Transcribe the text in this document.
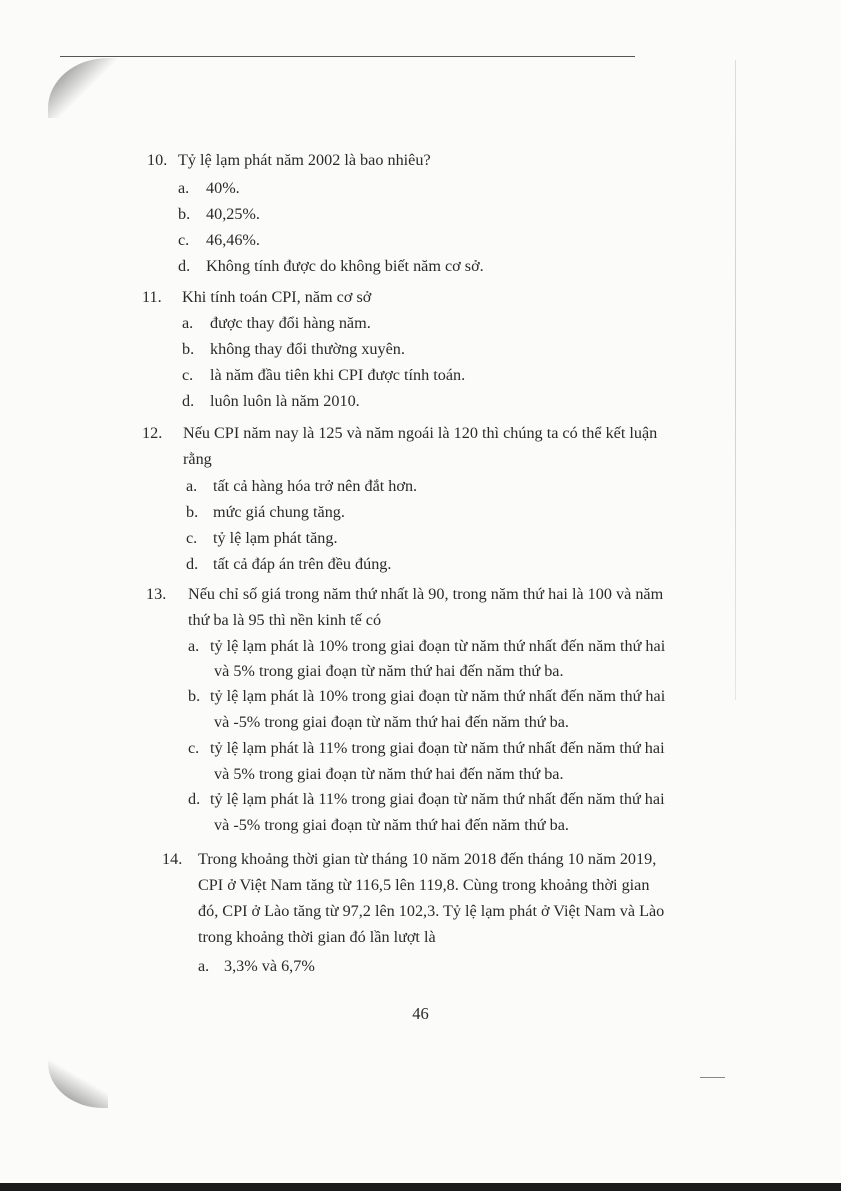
10. Tỷ lệ lạm phát năm 2002 là bao nhiêu?
a. 40%.
b. 40,25%.
c. 46,46%.
d. Không tính được do không biết năm cơ sở.
11. Khi tính toán CPI, năm cơ sở
a. được thay đổi hàng năm.
b. không thay đổi thường xuyên.
c. là năm đầu tiên khi CPI được tính toán.
d. luôn luôn là năm 2010.
12. Nếu CPI năm nay là 125 và năm ngoái là 120 thì chúng ta có thể kết luận
rằng
a. tất cả hàng hóa trở nên đắt hơn.
b. mức giá chung tăng.
c. tỷ lệ lạm phát tăng.
d. tất cả đáp án trên đều đúng.
13. Nếu chỉ số giá trong năm thứ nhất là 90, trong năm thứ hai là 100 và năm
thứ ba là 95 thì nền kinh tế có
a. tỷ lệ lạm phát là 10% trong giai đoạn từ năm thứ nhất đến năm thứ hai
và 5% trong giai đoạn từ năm thứ hai đến năm thứ ba.
b. tỷ lệ lạm phát là 10% trong giai đoạn từ năm thứ nhất đến năm thứ hai
và -5% trong giai đoạn từ năm thứ hai đến năm thứ ba.
c. tỷ lệ lạm phát là 11% trong giai đoạn từ năm thứ nhất đến năm thứ hai
và 5% trong giai đoạn từ năm thứ hai đến năm thứ ba.
d. tỷ lệ lạm phát là 11% trong giai đoạn từ năm thứ nhất đến năm thứ hai
và -5% trong giai đoạn từ năm thứ hai đến năm thứ ba.
14. Trong khoảng thời gian từ tháng 10 năm 2018 đến tháng 10 năm 2019,
CPI ở Việt Nam tăng từ 116,5 lên 119,8. Cùng trong khoảng thời gian
đó, CPI ở Lào tăng từ 97,2 lên 102,3. Tỷ lệ lạm phát ở Việt Nam và Lào
trong khoảng thời gian đó lần lượt là
a. 3,3% và 6,7%
46
